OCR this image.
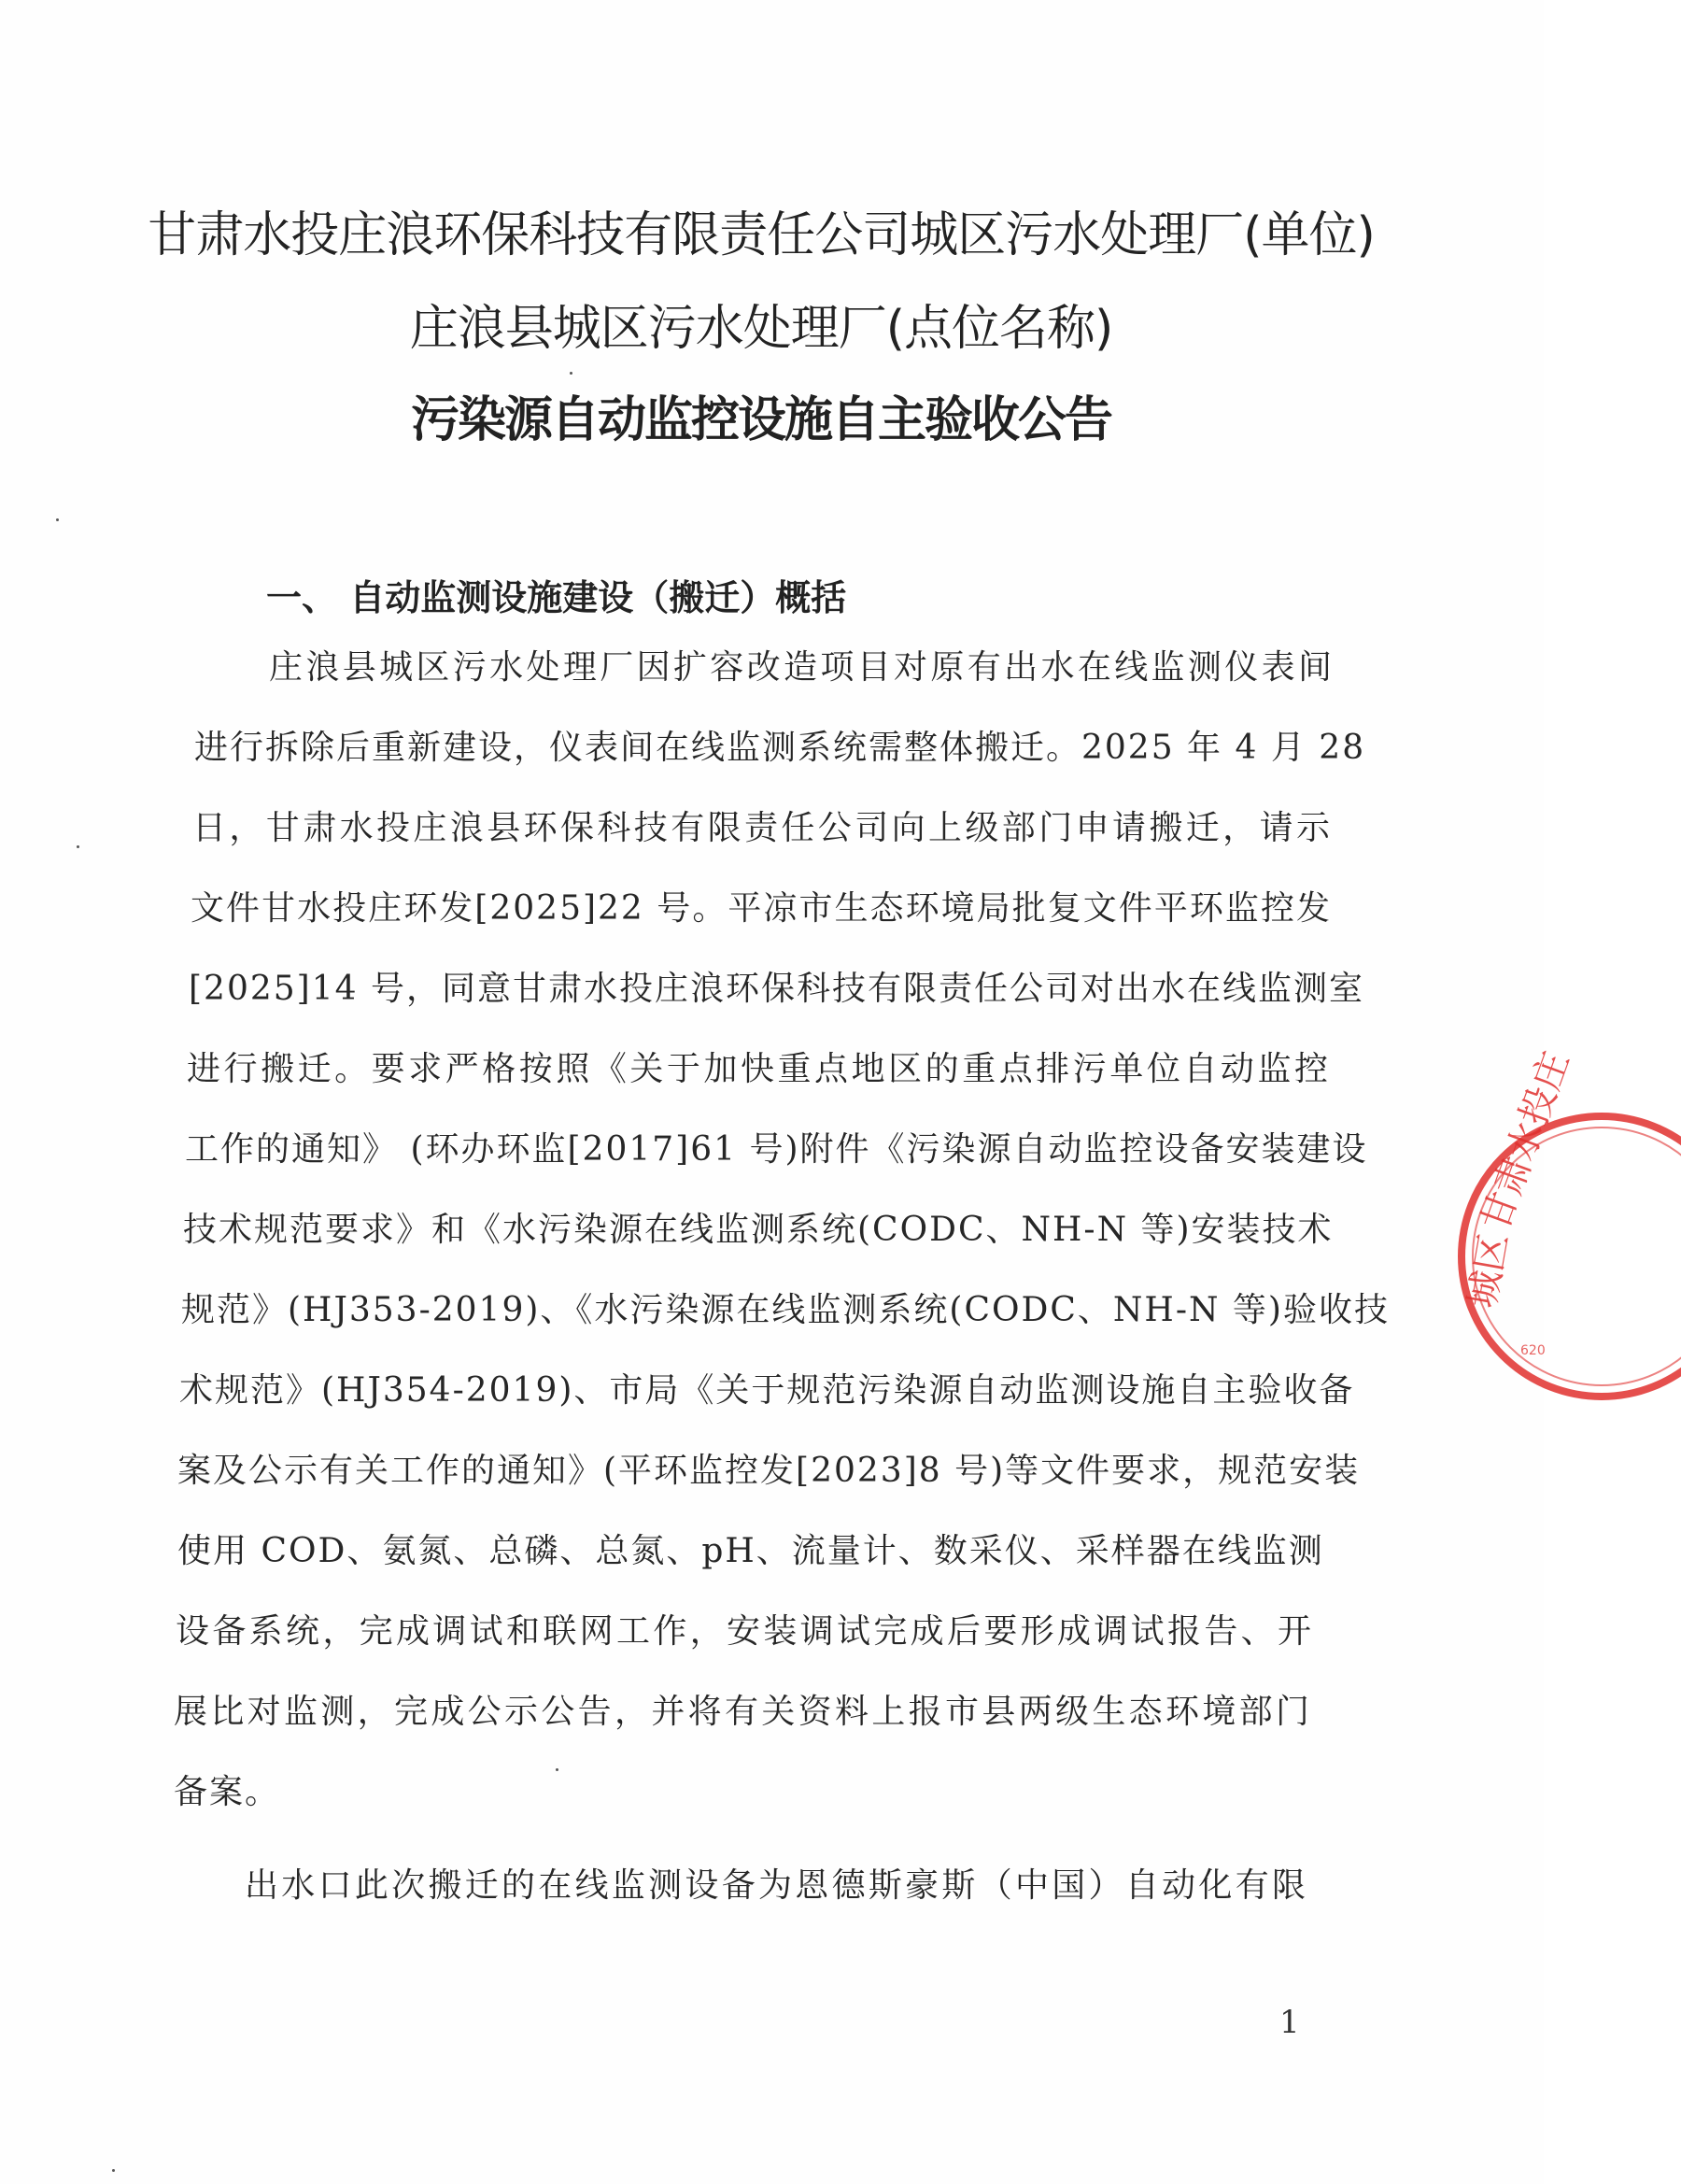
甘肃水投庄浪环保科技有限责任公司城区污水处理厂(单位)
庄浪县城区污水处理厂(点位名称)
污染源自动监控设施自主验收公告
一、 自动监测设施建设（搬迁）概括
庄浪县城区污水处理厂因扩容改造项目对原有出水在线监测仪表间
进行拆除后重新建设，仪表间在线监测系统需整体搬迁。2025 年 4 月 28
日，甘肃水投庄浪县环保科技有限责任公司向上级部门申请搬迁，请示
文件甘水投庄环发[2025]22 号。平凉市生态环境局批复文件平环监控发
[2025]14 号，同意甘肃水投庄浪环保科技有限责任公司对出水在线监测室
进行搬迁。要求严格按照《关于加快重点地区的重点排污单位自动监控
工作的通知》 (环办环监[2017]61 号)附件《污染源自动监控设备安装建设
技术规范要求》和《水污染源在线监测系统(CODC、NH-N 等)安装技术
规范》(HJ353-2019)、《水污染源在线监测系统(CODC、NH-N 等)验收技
术规范》(HJ354-2019)、市局《关于规范污染源自动监测设施自主验收备
案及公示有关工作的通知》(平环监控发[2023]8 号)等文件要求，规范安装
使用 COD、氨氮、总磷、总氮、pH、流量计、数采仪、采样器在线监测
设备系统，完成调试和联网工作，安装调试完成后要形成调试报告、开
展比对监测，完成公示公告，并将有关资料上报市县两级生态环境部门
备案。
出水口此次搬迁的在线监测设备为恩德斯豪斯（中国）自动化有限
1
甘肃水投庄
城区
620
